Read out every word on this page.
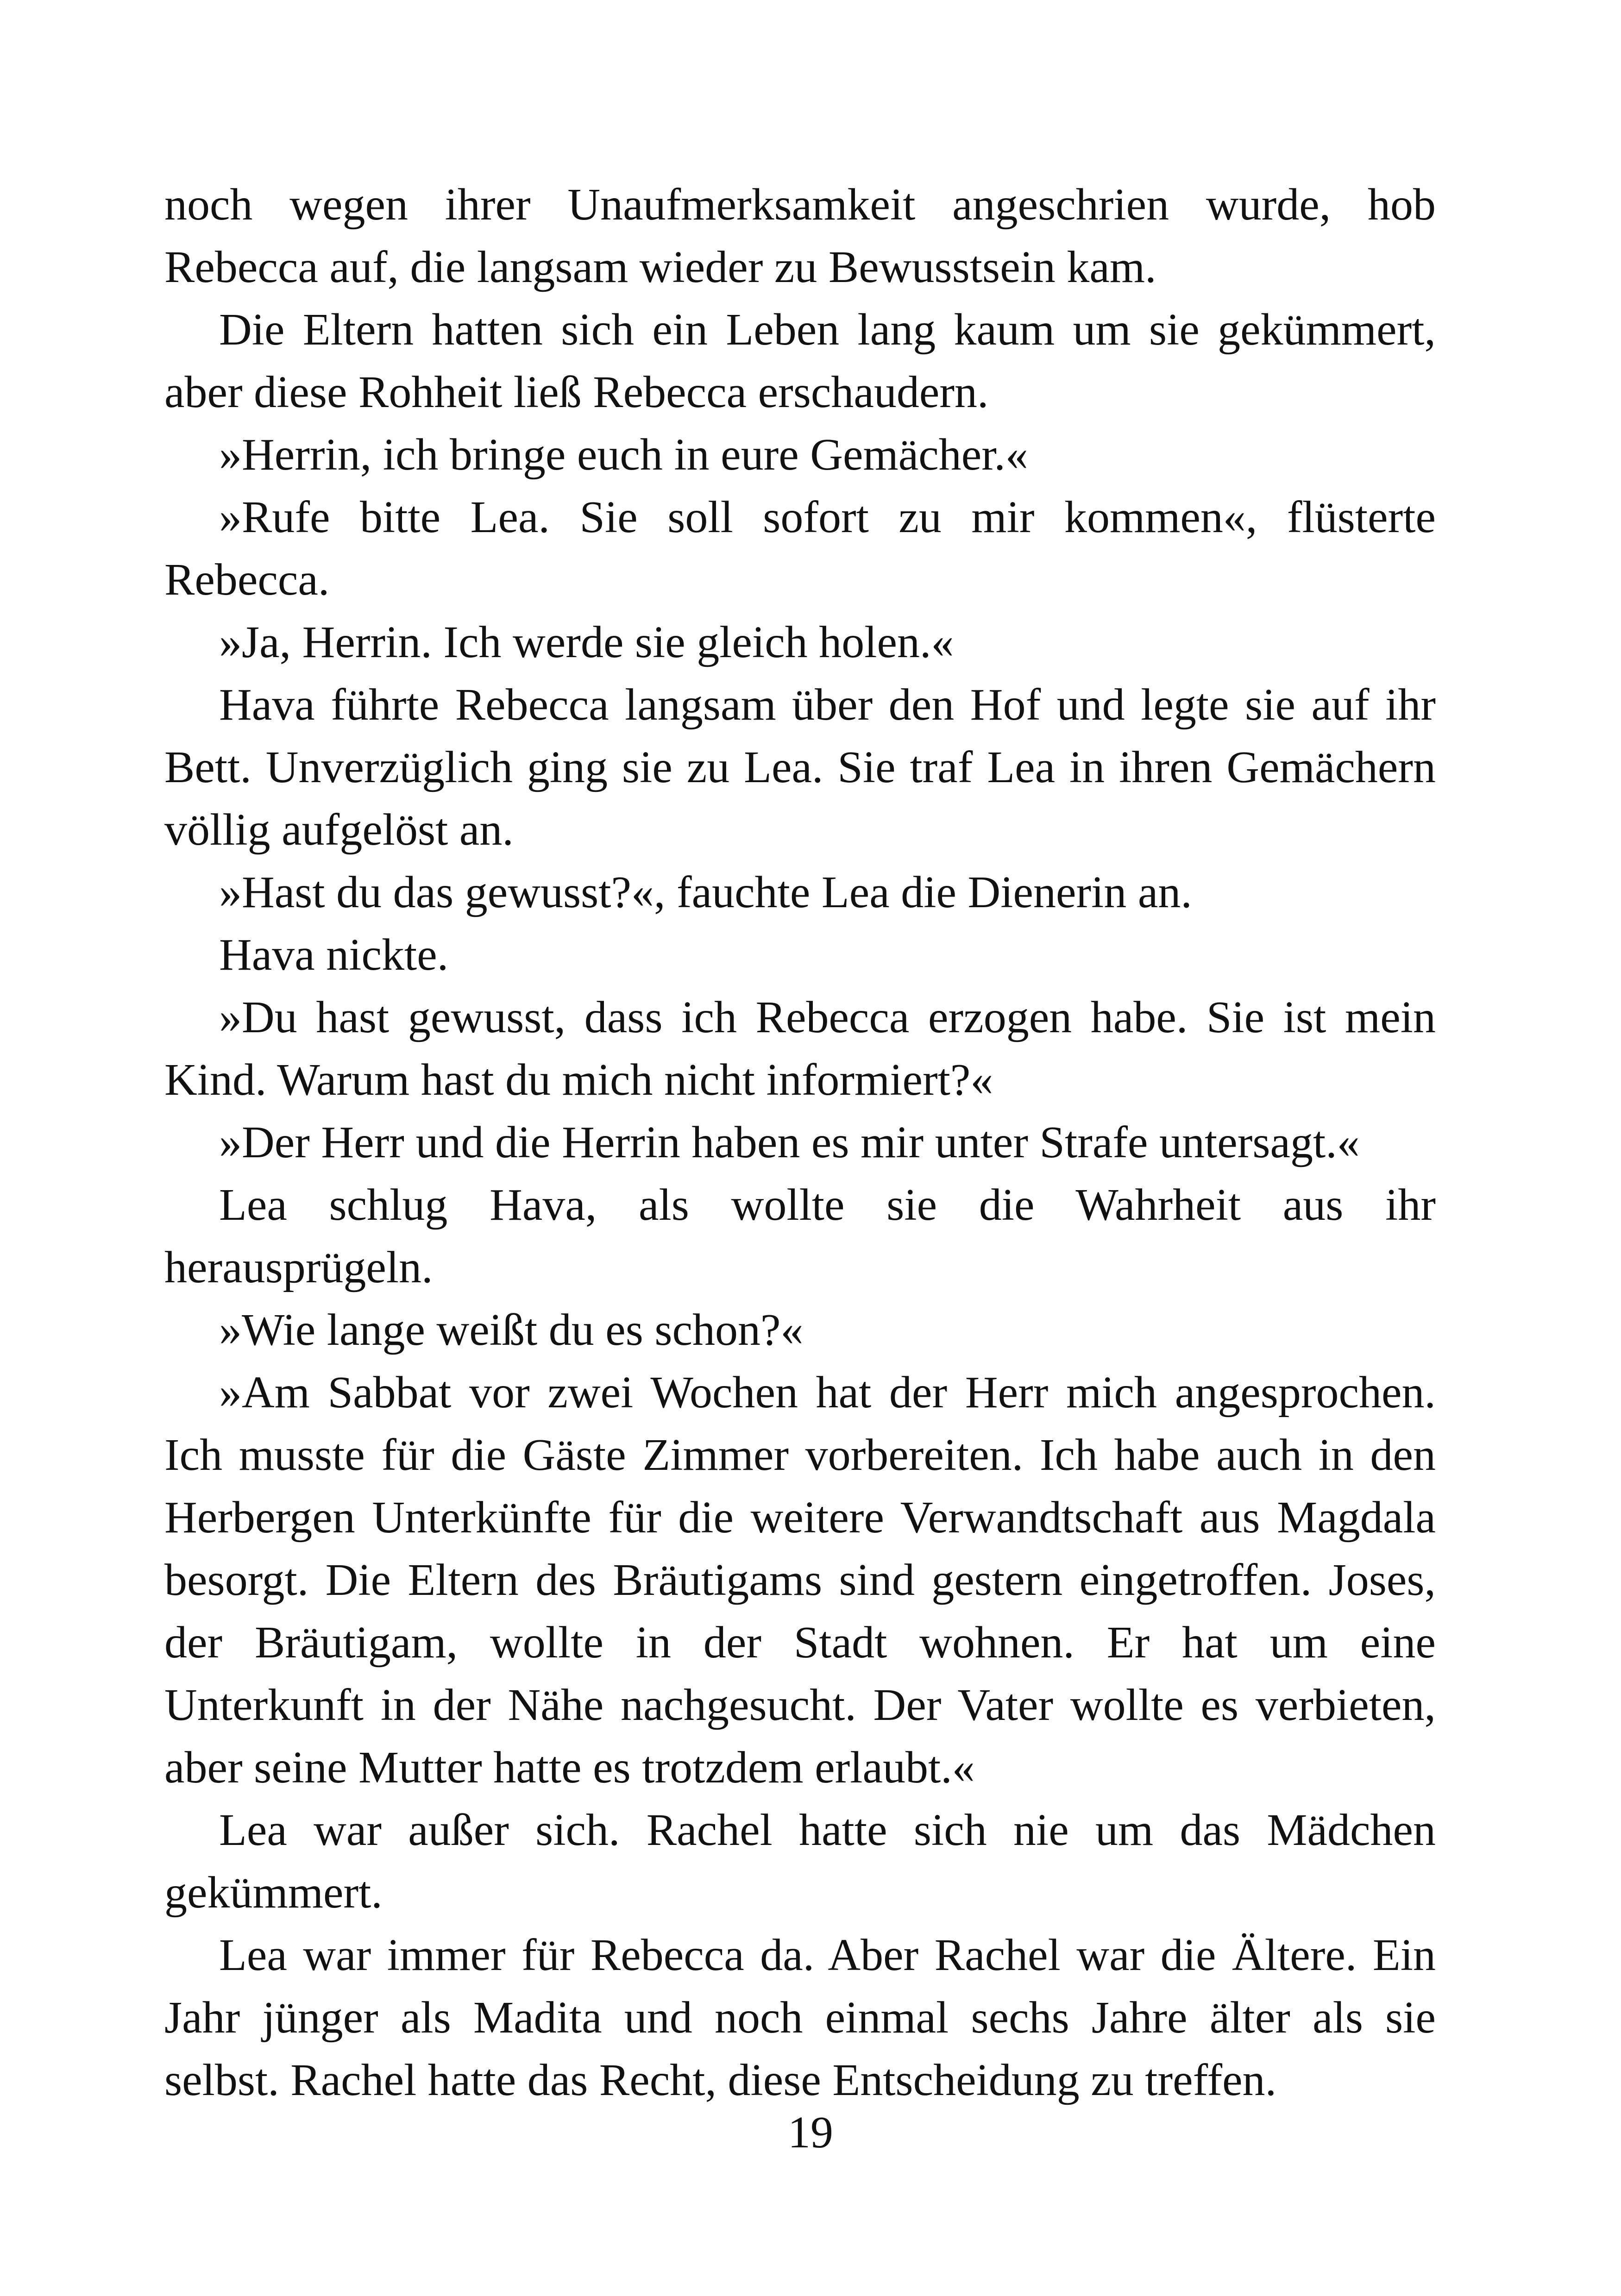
noch wegen ihrer Unaufmerksamkeit angeschrien wurde, hob Rebecca auf, die langsam wieder zu Bewusstsein kam.

Die Eltern hatten sich ein Leben lang kaum um sie gekümmert, aber diese Rohheit ließ Rebecca erschaudern.

»Herrin, ich bringe euch in eure Gemächer.«

»Rufe bitte Lea. Sie soll sofort zu mir kommen«, flüsterte Rebecca.

»Ja, Herrin. Ich werde sie gleich holen.«

Hava führte Rebecca langsam über den Hof und legte sie auf ihr Bett. Unverzüglich ging sie zu Lea. Sie traf Lea in ihren Gemächern völlig aufgelöst an.

»Hast du das gewusst?«, fauchte Lea die Dienerin an.

Hava nickte.

»Du hast gewusst, dass ich Rebecca erzogen habe. Sie ist mein Kind. Warum hast du mich nicht informiert?«

»Der Herr und die Herrin haben es mir unter Strafe untersagt.«

Lea schlug Hava, als wollte sie die Wahrheit aus ihr herausprügeln.

»Wie lange weißt du es schon?«

»Am Sabbat vor zwei Wochen hat der Herr mich angesprochen. Ich musste für die Gäste Zimmer vorbereiten. Ich habe auch in den Herbergen Unterkünfte für die weitere Verwandtschaft aus Magdala besorgt. Die Eltern des Bräutigams sind gestern eingetroffen. Joses, der Bräutigam, wollte in der Stadt wohnen. Er hat um eine Unterkunft in der Nähe nachgesucht. Der Vater wollte es verbieten, aber seine Mutter hatte es trotzdem erlaubt.«

Lea war außer sich. Rachel hatte sich nie um das Mädchen gekümmert.

Lea war immer für Rebecca da. Aber Rachel war die Ältere. Ein Jahr jünger als Madita und noch einmal sechs Jahre älter als sie selbst. Rachel hatte das Recht, diese Entscheidung zu treffen.

19
